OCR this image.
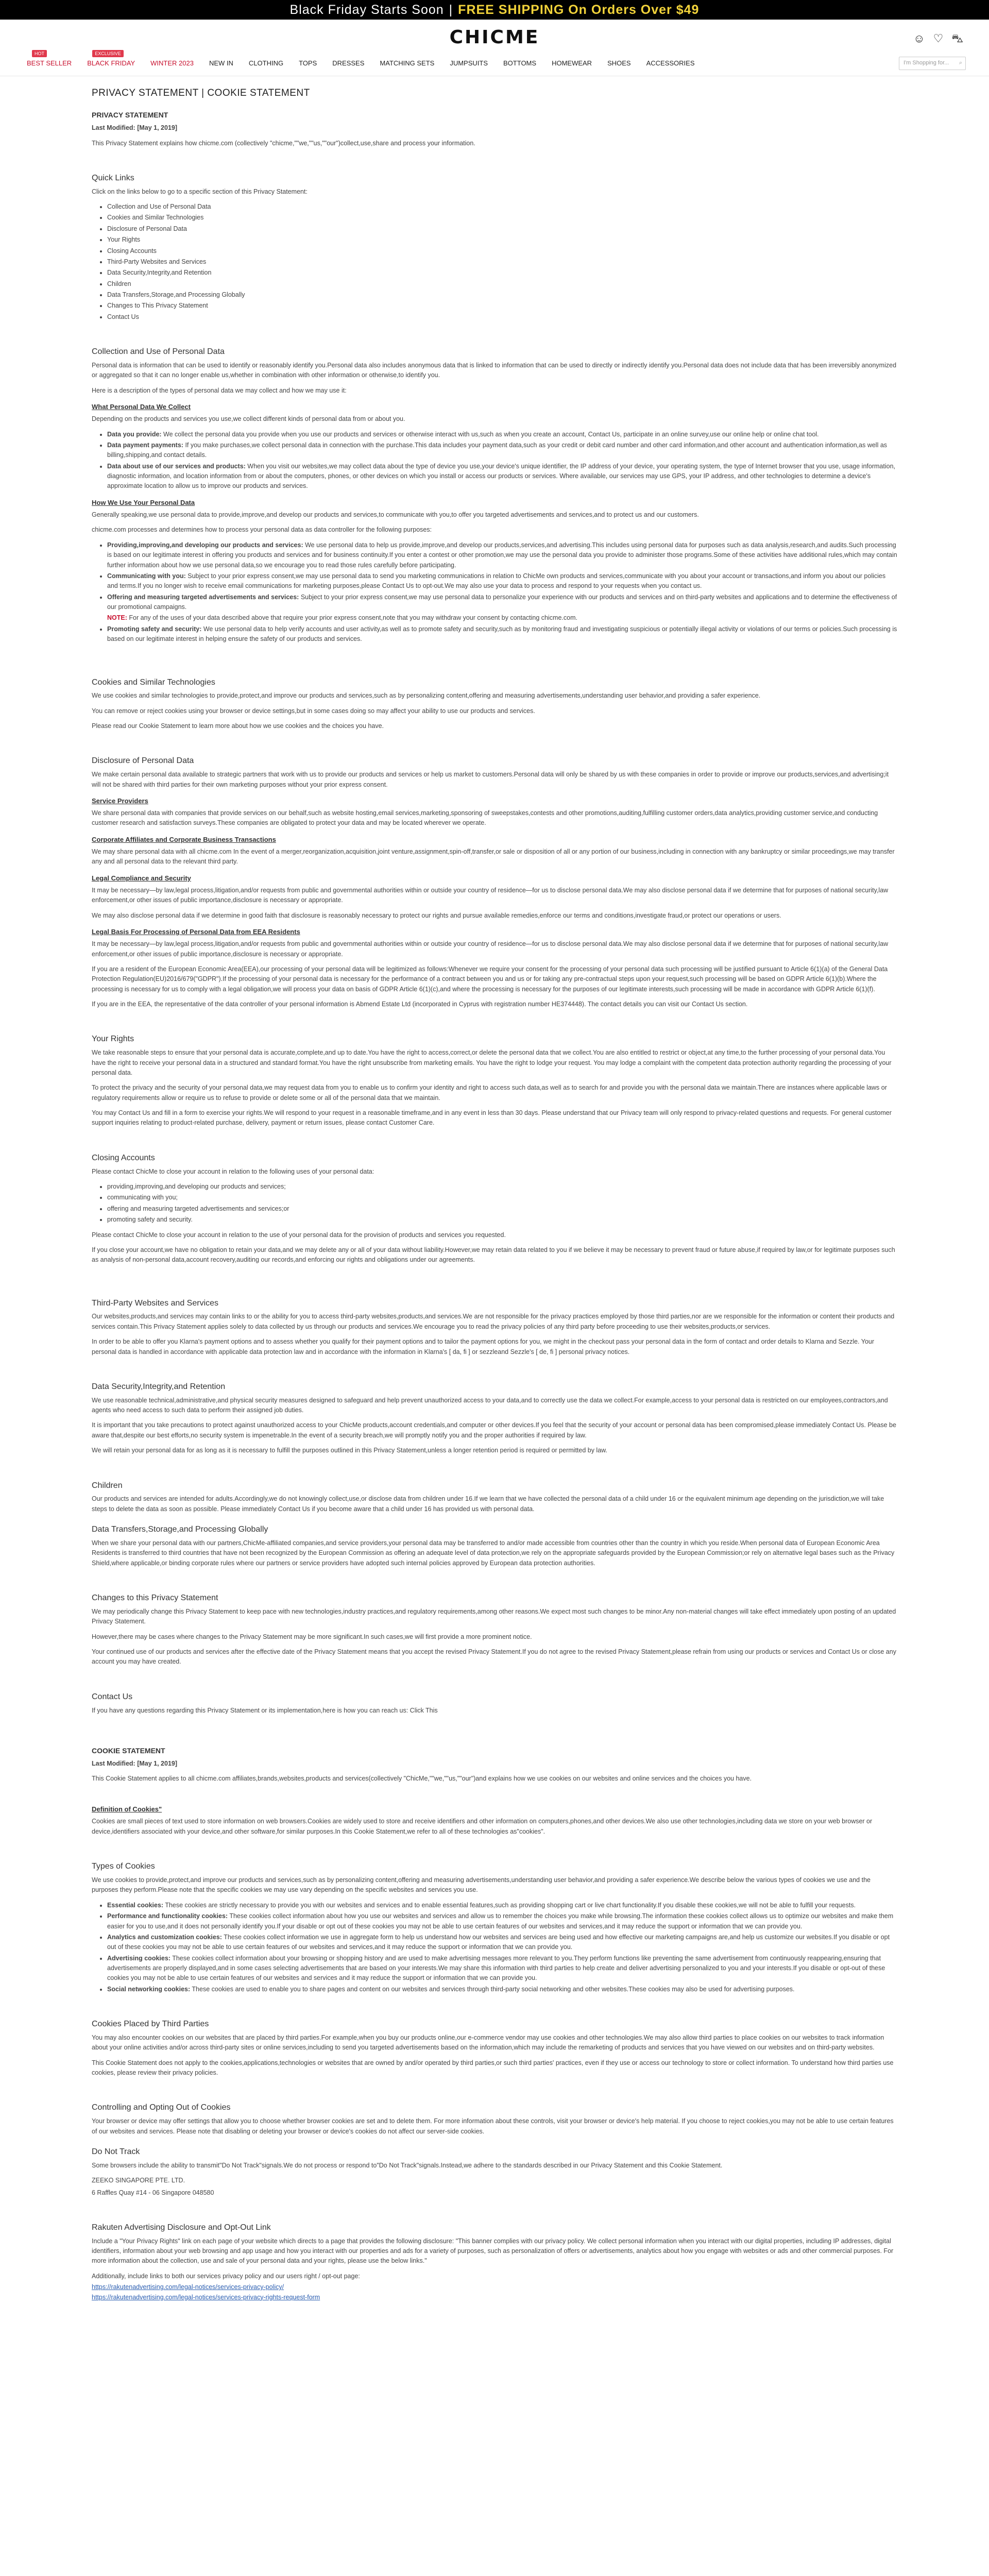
Black Friday Starts Soon | FREE SHIPPING On Orders Over $49
CHICME	☺ ♡ ⛍
HOT
BEST SELLER
EXCLUSIVE
BLACK FRIDAY WINTER 2023 NEW IN CLOTHING TOPS DRESSES MATCHING SETS JUMPSUITS BOTTOMS HOMEWEAR SHOES ACCESSORIES	I'm Shopping for... ⌕
PRIVACY STATEMENT | COOKIE STATEMENT
PRIVACY STATEMENT

Last Modified: [May 1, 2019]

This Privacy Statement explains how chicme.com (collectively "chicme,""we,""us,""our")collect,use,share and process your information.

Quick Links

Click on the links below to go to a specific section of this Privacy Statement:

• Collection and Use of Personal Data
• Cookies and Similar Technologies
• Disclosure of Personal Data
• Your Rights
• Closing Accounts
• Third-Party Websites and Services
• Data Security,Integrity,and Retention
• Children
• Data Transfers,Storage,and Processing Globally
• Changes to This Privacy Statement
• Contact Us
Collection and Use of Personal Data

Personal data is information that can be used to identify or reasonably identify you.Personal data also includes anonymous data that is linked to information that can be used to directly or indirectly identify you.Personal data does not include data that has been irreversibly anonymized or aggregated so that it can no longer enable us,whether in combination with other information or otherwise,to identify you.

Here is a description of the types of personal data we may collect and how we may use it:

What Personal Data We Collect

Depending on the products and services you use,we collect different kinds of personal data from or about you.

• Data you provide: We collect the personal data you provide when you use our products and services or otherwise interact with us,such as when you create an account, Contact Us, participate in an online survey,use our online help or online chat tool.
• Data payment payments: If you make purchases,we collect personal data in connection with the purchase.This data includes your payment data,such as your credit or debit card number and other card information,and other account and authentication information,as well as billing,shipping,and contact details.
• Data about use of our services and products: When you visit our websites,we may collect data about the type of device you use,your device's unique identifier, the IP address of your device, your operating system, the type of Internet browser that you use, usage information, diagnostic information, and location information from or about the computers, phones, or other devices on which you install or access our products or services. Where available, our services may use GPS, your IP address, and other technologies to determine a device's approximate location to allow us to improve our products and services.
How We Use Your Personal Data

Generally speaking,we use personal data to provide,improve,and develop our products and services,to communicate with you,to offer you targeted advertisements and services,and to protect us and our customers.

chicme.com processes and determines how to process your personal data as data controller for the following purposes:

• Providing,improving,and developing our products and services: We use personal data to help us provide,improve,and develop our products,services,and advertising.This includes using personal data for purposes such as data analysis,research,and audits.Such processing is based on our legitimate interest in offering you products and services and for business continuity.If you enter a contest or other promotion,we may use the personal data you provide to administer those programs.Some of these activities have additional rules,which may contain further information about how we use personal data,so we encourage you to read those rules carefully before participating.
• Communicating with you: Subject to your prior express consent,we may use personal data to send you marketing communications in relation to ChicMe own products and services,communicate with you about your account or transactions,and inform you about our policies and terms.If you no longer wish to receive email communications for marketing purposes,please Contact Us to opt-out.We may also use your data to process and respond to your requests when you contact us.
• Offering and measuring targeted advertisements and services: Subject to your prior express consent,we may use personal data to personalize your experience with our products and services and on third-party websites and applications and to determine the effectiveness of our promotional campaigns.
NOTE: For any of the uses of your data described above that require your prior express consent,note that you may withdraw your consent by contacting chicme.com.
• Promoting safety and security: We use personal data to help verify accounts and user activity,as well as to promote safety and security,such as by monitoring fraud and investigating suspicious or potentially illegal activity or violations of our terms or policies.Such processing is based on our legitimate interest in helping ensure the safety of our products and services.
Cookies and Similar Technologies

We use cookies and similar technologies to provide,protect,and improve our products and services,such as by personalizing content,offering and measuring advertisements,understanding user behavior,and providing a safer experience.

You can remove or reject cookies using your browser or device settings,but in some cases doing so may affect your ability to use our products and services.

Please read our Cookie Statement to learn more about how we use cookies and the choices you have.

Disclosure of Personal Data

We make certain personal data available to strategic partners that work with us to provide our products and services or help us market to customers.Personal data will only be shared by us with these companies in order to provide or improve our products,services,and advertising;it will not be shared with third parties for their own marketing purposes without your prior express consent.

Service Providers

We share personal data with companies that provide services on our behalf,such as website hosting,email services,marketing,sponsoring of sweepstakes,contests and other promotions,auditing,fulfilling customer orders,data analytics,providing customer service,and conducting customer research and satisfaction surveys.These companies are obligated to protect your data and may be located wherever we operate.

Corporate Affiliates and Corporate Business Transactions

We may share personal data with all chicme.com In the event of a merger,reorganization,acquisition,joint venture,assignment,spin-off,transfer,or sale or disposition of all or any portion of our business,including in connection with any bankruptcy or similar proceedings,we may transfer any and all personal data to the relevant third party.

Legal Compliance and Security

It may be necessary—by law,legal process,litigation,and/or requests from public and governmental authorities within or outside your country of residence—for us to disclose personal data.We may also disclose personal data if we determine that for purposes of national security,law enforcement,or other issues of public importance,disclosure is necessary or appropriate.

We may also disclose personal data if we determine in good faith that disclosure is reasonably necessary to protect our rights and pursue available remedies,enforce our terms and conditions,investigate fraud,or protect our operations or users.

Legal Basis For Processing of Personal Data from EEA Residents

It may be necessary—by law,legal process,litigation,and/or requests from public and governmental authorities within or outside your country of residence—for us to disclose personal data.We may also disclose personal data if we determine that for purposes of national security,law enforcement,or other issues of public importance,disclosure is necessary or appropriate.

If you are a resident of the European Economic Area(EEA),our processing of your personal data will be legitimized as follows:Whenever we require your consent for the processing of your personal data such processing will be justified pursuant to Article 6(1)(a) of the General Data Protection Regulation(EU)2016/679("GDPR").If the processing of your personal data is necessary for the performance of a contract between you and us or for taking any pre-contractual steps upon your request,such processing will be based on GDPR Article 6(1)(b).Where the processing is necessary for us to comply with a legal obligation,we will process your data on basis of GDPR Article 6(1)(c),and where the processing is necessary for the purposes of our legitimate interests,such processing will be made in accordance with GDPR Article 6(1)(f).

If you are in the EEA, the representative of the data controller of your personal information is Abmend Estate Ltd (incorporated in Cyprus with registration number HE374448). The contact details you can visit our Contact Us section.

Your Rights

We take reasonable steps to ensure that your personal data is accurate,complete,and up to date.You have the right to access,correct,or delete the personal data that we collect.You are also entitled to restrict or object,at any time,to the further processing of your personal data.You have the right to receive your personal data in a structured and standard format.You have the right unsubscribe from marketing emails. You have the right to lodge your request. You may lodge a complaint with the competent data protection authority regarding the processing of your personal data.

To protect the privacy and the security of your personal data,we may request data from you to enable us to confirm your identity and right to access such data,as well as to search for and provide you with the personal data we maintain.There are instances where applicable laws or regulatory requirements allow or require us to refuse to provide or delete some or all of the personal data that we maintain.

You may Contact Us and fill in a form to exercise your rights.We will respond to your request in a reasonable timeframe,and in any event in less than 30 days. Please understand that our Privacy team will only respond to privacy-related questions and requests. For general customer support inquiries relating to product-related purchase, delivery, payment or return issues, please contact Customer Care.

Closing Accounts

Please contact ChicMe to close your account in relation to the following uses of your personal data:

• providing,improving,and developing our products and services;
• communicating with you;
• offering and measuring targeted advertisements and services;or
• promoting safety and security.

Please contact ChicMe to close your account in relation to the use of your personal data for the provision of products and services you requested.

If you close your account,we have no obligation to retain your data,and we may delete any or all of your data without liability.However,we may retain data related to you if we believe it may be necessary to prevent fraud or future abuse,if required by law,or for legitimate purposes such as analysis of non-personal data,account recovery,auditing our records,and enforcing our rights and obligations under our agreements.

Third-Party Websites and Services

Our websites,products,and services may contain links to or the ability for you to access third-party websites,products,and services.We are not responsible for the privacy practices employed by those third parties,nor are we responsible for the information or content their products and services contain.This Privacy Statement applies solely to data collected by us through our products and services.We encourage you to read the privacy policies of any third party before proceeding to use their websites,products,or services.

In order to be able to offer you Klarna's payment options and to assess whether you qualify for their payment options and to tailor the payment options for you, we might in the checkout pass your personal data in the form of contact and order details to Klarna and Sezzle. Your personal data is handled in accordance with applicable data protection law and in accordance with the information in Klarna's [ da, fi ] or sezzleand Sezzle's [ de, fi ] personal privacy notices.

Data Security,Integrity,and Retention

We use reasonable technical,administrative,and physical security measures designed to safeguard and help prevent unauthorized access to your data,and to correctly use the data we collect.For example,access to your personal data is restricted on our employees,contractors,and agents who need access to such data to perform their assigned job duties.

It is important that you take precautions to protect against unauthorized access to your ChicMe products,account credentials,and computer or other devices.If you feel that the security of your account or personal data has been compromised,please immediately Contact Us. Please be aware that,despite our best efforts,no security system is impenetrable.In the event of a security breach,we will promptly notify you and the proper authorities if required by law.

We will retain your personal data for as long as it is necessary to fulfill the purposes outlined in this Privacy Statement,unless a longer retention period is required or permitted by law.

Children

Our products and services are intended for adults.Accordingly,we do not knowingly collect,use,or disclose data from children under 16.If we learn that we have collected the personal data of a child under 16 or the equivalent minimum age depending on the jurisdiction,we will take steps to delete the data as soon as possible. Please immediately Contact Us if you become aware that a child under 16 has provided us with personal data.

Data Transfers,Storage,and Processing Globally

When we share your personal data with our partners,ChicMe-affiliated companies,and service providers,your personal data may be transferred to and/or made accessible from countries other than the country in which you reside.When personal data of European Economic Area Residents is transferred to third countries that have not been recognized by the European Commission as offering an adequate level of data protection,we rely on the appropriate safeguards provided by the European Commission;or rely on alternative legal bases such as the Privacy Shield,where applicable,or binding corporate rules where our partners or service providers have adopted such internal policies approved by European data protection authorities.

Changes to this Privacy Statement

We may periodically change this Privacy Statement to keep pace with new technologies,industry practices,and regulatory requirements,among other reasons.We expect most such changes to be minor.Any non-material changes will take effect immediately upon posting of an updated Privacy Statement.

However,there may be cases where changes to the Privacy Statement may be more significant.In such cases,we will first provide a more prominent notice.

Your continued use of our products and services after the effective date of the Privacy Statement means that you accept the revised Privacy Statement.If you do not agree to the revised Privacy Statement,please refrain from using our products or services and Contact Us or close any account you may have created.

Contact Us

If you have any questions regarding this Privacy Statement or its implementation,here is how you can reach us: Click This

COOKIE STATEMENT

Last Modified: [May 1, 2019]

This Cookie Statement applies to all chicme.com affiliates,brands,websites,products and services(collectively "ChicMe,""we,""us,""our")and explains how we use cookies on our websites and online services and the choices you have.

Definition of Cookies"

Cookies are small pieces of text used to store information on web browsers.Cookies are widely used to store and receive identifiers and other information on computers,phones,and other devices.We also use other technologies,including data we store on your web browser or device,identifiers associated with your device,and other software,for similar purposes.In this Cookie Statement,we refer to all of these technologies as"cookies".

Types of Cookies

We use cookies to provide,protect,and improve our products and services,such as by personalizing content,offering and measuring advertisements,understanding user behavior,and providing a safer experience.We describe below the various types of cookies we use and the purposes they perform.Please note that the specific cookies we may use vary depending on the specific websites and services you use.

• Essential cookies: These cookies are strictly necessary to provide you with our websites and services and to enable essential features,such as providing shopping cart or live chart functionality.If you disable these cookies,we will not be able to fulfill your requests.
• Performance and functionality cookies: These cookies collect information about how you use our websites and services and allow us to remember the choices you make while browsing.The information these cookies collect allows us to optimize our websites and make them easier for you to use,and it does not personally identify you.If your disable or opt out of these cookies you may not be able to use certain features of our websites and services,and it may reduce the support or information that we can provide you.
• Analytics and customization cookies: These cookies collect information we use in aggregate form to help us understand how our websites and services are being used and how effective our marketing campaigns are,and help us customize our websites.If you disable or opt out of these cookies you may not be able to use certain features of our websites and services,and it may reduce the support or information that we can provide you.
• Advertising cookies: These cookies collect information about your browsing or shopping history and are used to make advertising messages more relevant to you.They perform functions like preventing the same advertisement from continuously reappearing,ensuring that advertisements are properly displayed,and in some cases selecting advertisements that are based on your interests.We may share this information with third parties to help create and deliver advertising personalized to you and your interests.If you disable or opt-out of these cookies you may not be able to use certain features of our websites and services and it may reduce the support or information that we can provide you.
• Social networking cookies: These cookies are used to enable you to share pages and content on our websites and services through third-party social networking and other websites.These cookies may also be used for advertising purposes.
Cookies Placed by Third Parties

You may also encounter cookies on our websites that are placed by third parties.For example,when you buy our products online,our e-commerce vendor may use cookies and other technologies.We may also allow third parties to place cookies on our websites to track information about your online activities and/or across third-party sites or online services,including to send you targeted advertisements based on the information,which may include the remarketing of products and services that you have viewed on our websites and on third-party websites.

This Cookie Statement does not apply to the cookies,applications,technologies or websites that are owned by and/or operated by third parties,or such third parties' practices, even if they use or access our technology to store or collect information. To understand how third parties use cookies, please review their privacy policies.

Controlling and Opting Out of Cookies

Your browser or device may offer settings that allow you to choose whether browser cookies are set and to delete them. For more information about these controls, visit your browser or device's help material. If you choose to reject cookies,you may not be able to use certain features of our websites and services. Please note that disabling or deleting your browser or device's cookies do not affect our server-side cookies.

Do Not Track

Some browsers include the ability to transmit"Do Not Track"signals.We do not process or respond to"Do Not Track"signals.Instead,we adhere to the standards described in our Privacy Statement and this Cookie Statement.

ZEEKO SINGAPORE PTE. LTD.

6 Raffles Quay #14 - 06 Singapore 048580

Rakuten Advertising Disclosure and Opt-Out Link

Include a "Your Privacy Rights" link on each page of your website which directs to a page that provides the following disclosure: "This banner complies with our privacy policy. We collect personal information when you interact with our digital properties, including IP addresses, digital identifiers, information about your web browsing and app usage and how you interact with our properties and ads for a variety of purposes, such as personalization of offers or advertisements, analytics about how you engage with websites or ads and other commercial purposes. For more information about the collection, use and sale of your personal data and your rights, please use the below links."

Additionally, include links to both our services privacy policy and our users right / opt-out page:

https://rakutenadvertising.com/legal-notices/services-privacy-policy/
https://rakutenadvertising.com/legal-notices/services-privacy-rights-request-form
